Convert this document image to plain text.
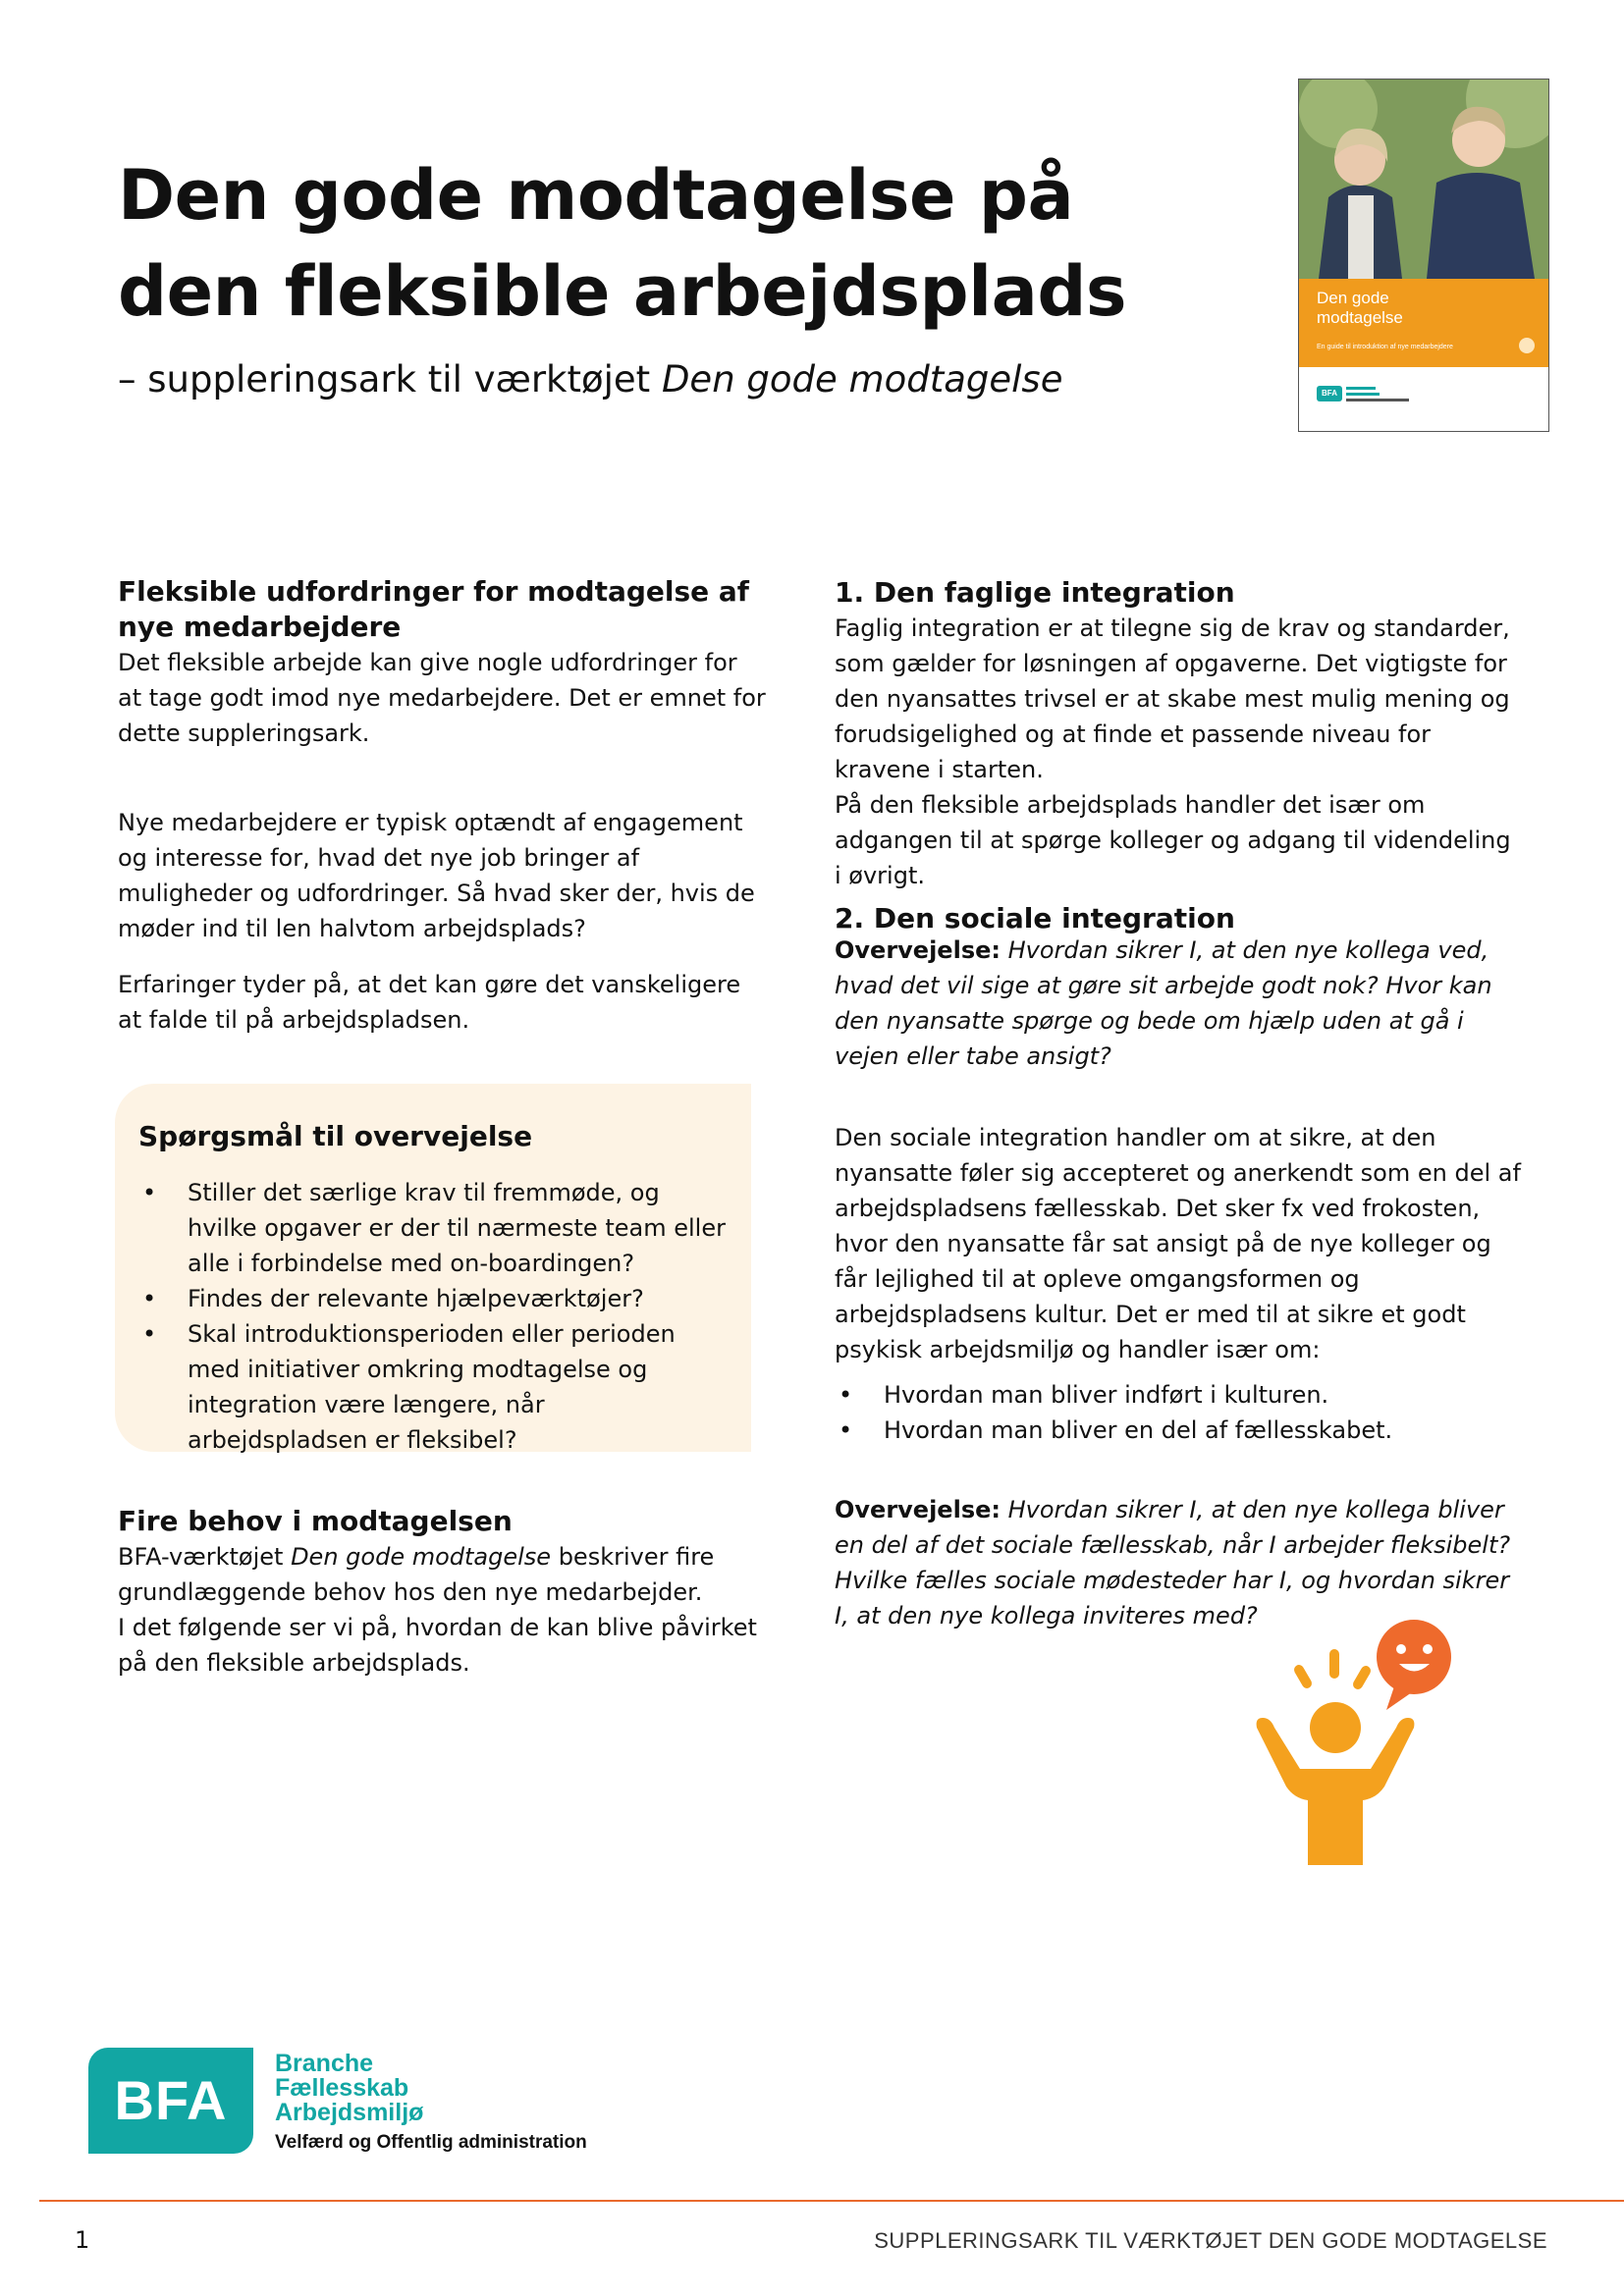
Den gode modtagelse på
den fleksible arbejdsplads
– suppleringsark til værktøjet Den gode modtagelse
Den gode
modtagelse
En guide til introduktion af nye medarbejdere
BFA
Fleksible udfordringer for modtagelse af nye medarbejdere

Det fleksible arbejde kan give nogle udfordringer for at tage godt imod nye medarbejdere. Det er emnet for dette suppleringsark.

Nye medarbejdere er typisk optændt af engagement og interesse for, hvad det nye job bringer af muligheder og udfordringer. Så hvad sker der, hvis de møder ind til len halvtom arbejdsplads?

Erfaringer tyder på, at det kan gøre det vanskeligere at falde til på arbejdspladsen.

Spørgsmål til overvejelse
• Stiller det særlige krav til fremmøde, og hvilke opgaver er der til nærmeste team eller alle i forbindelse med on-boardingen?
• Findes der relevante hjælpeværktøjer?
• Skal introduktionsperioden eller perioden med initiativer omkring modtagelse og integration være længere, når arbejdspladsen er fleksibel?
Fire behov i modtagelsen

BFA-værktøjet Den gode modtagelse beskriver fire grundlæggende behov hos den nye medarbejder.

I det følgende ser vi på, hvordan de kan blive påvirket på den fleksible arbejdsplads.

1. Den faglige integration

Faglig integration er at tilegne sig de krav og standarder, som gælder for løsningen af opgaverne. Det vigtigste for den nyansattes trivsel er at skabe mest mulig mening og forudsigelighed og at finde et passende niveau for kravene i starten.

På den fleksible arbejdsplads handler det især om adgangen til at spørge kolleger og adgang til videndeling i øvrigt.

Overvejelse: Hvordan sikrer I, at den nye kollega ved, hvad det vil sige at gøre sit arbejde godt nok? Hvor kan den nyansatte spørge og bede om hjælp uden at gå i vejen eller tabe ansigt?

2. Den sociale integration

Den sociale integration handler om at sikre, at den nyansatte føler sig accepteret og anerkendt som en del af arbejdspladsens fællesskab. Det sker fx ved frokosten, hvor den nyansatte får sat ansigt på de nye kolleger og får lejlighed til at opleve omgangsformen og arbejdspladsens kultur. Det er med til at sikre et godt psykisk arbejdsmiljø og handler især om:

• Hvordan man bliver indført i kulturen.
• Hvordan man bliver en del af fællesskabet.

Overvejelse: Hvordan sikrer I, at den nye kollega bliver en del af det sociale fællesskab, når I arbejder fleksibelt? Hvilke fælles sociale mødesteder har I, og hvordan sikrer I, at den nye kollega inviteres med?

BFA
Branche
Fællesskab
Arbejdsmiljø
Velfærd og Offentlig administration
1	SUPPLERINGSARK TIL VÆRKTØJET DEN GODE MODTAGELSE
